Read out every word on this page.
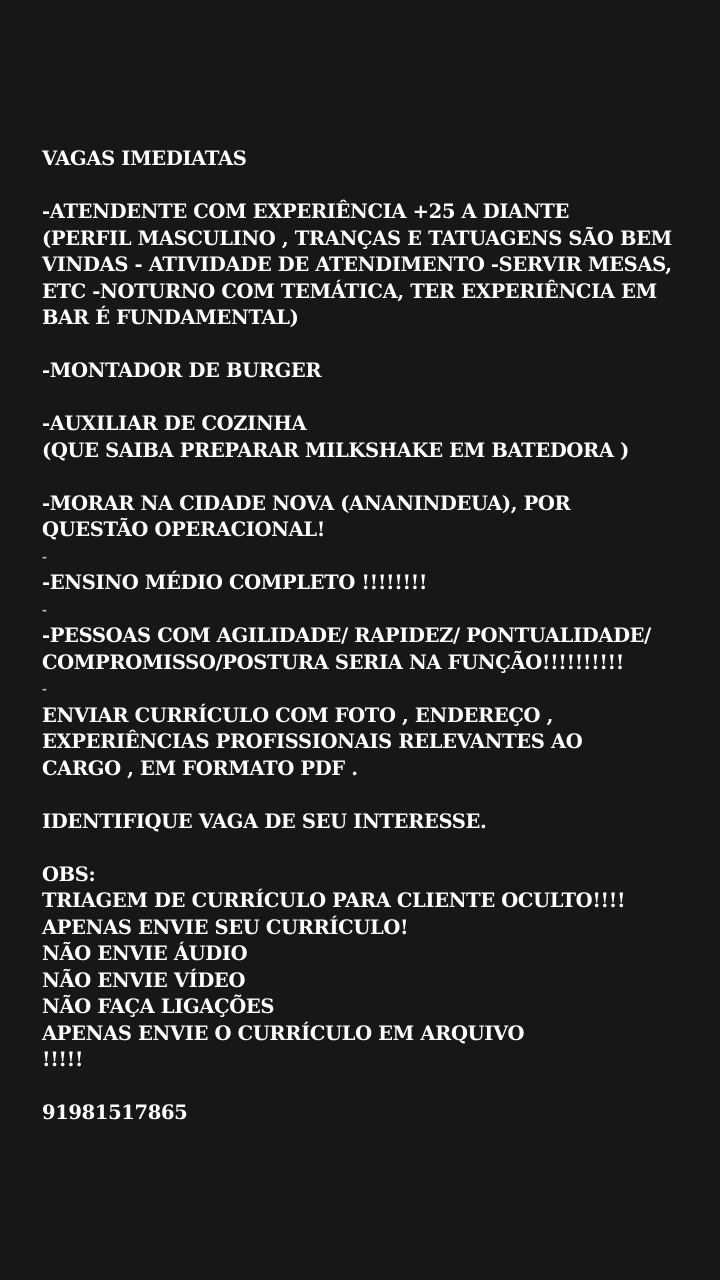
VAGAS IMEDIATAS
-ATENDENTE COM EXPERIÊNCIA +25 A DIANTE
(PERFIL MASCULINO , TRANÇAS E TATUAGENS SÃO BEM
VINDAS - ATIVIDADE DE ATENDIMENTO -SERVIR MESAS,
ETC -NOTURNO COM TEMÁTICA, TER EXPERIÊNCIA EM
BAR É FUNDAMENTAL)
-MONTADOR DE BURGER
-AUXILIAR DE COZINHA
(QUE SAIBA PREPARAR MILKSHAKE EM BATEDORA )
-MORAR NA CIDADE NOVA (ANANINDEUA), POR
QUESTÃO OPERACIONAL!
-
-ENSINO MÉDIO COMPLETO !!!!!!!!
-
-PESSOAS COM AGILIDADE/ RAPIDEZ/ PONTUALIDADE/
COMPROMISSO/POSTURA SERIA NA FUNÇÃO!!!!!!!!!!
-
ENVIAR CURRÍCULO COM FOTO , ENDEREÇO ,
EXPERIÊNCIAS PROFISSIONAIS RELEVANTES AO
CARGO , EM FORMATO PDF .
IDENTIFIQUE VAGA DE SEU INTERESSE.
OBS:
TRIAGEM DE CURRÍCULO PARA CLIENTE OCULTO!!!!
APENAS ENVIE SEU CURRÍCULO!
NÃO ENVIE ÁUDIO
NÃO ENVIE VÍDEO
NÃO FAÇA LIGAÇÕES
APENAS ENVIE O CURRÍCULO EM ARQUIVO
!!!!!
91981517865
